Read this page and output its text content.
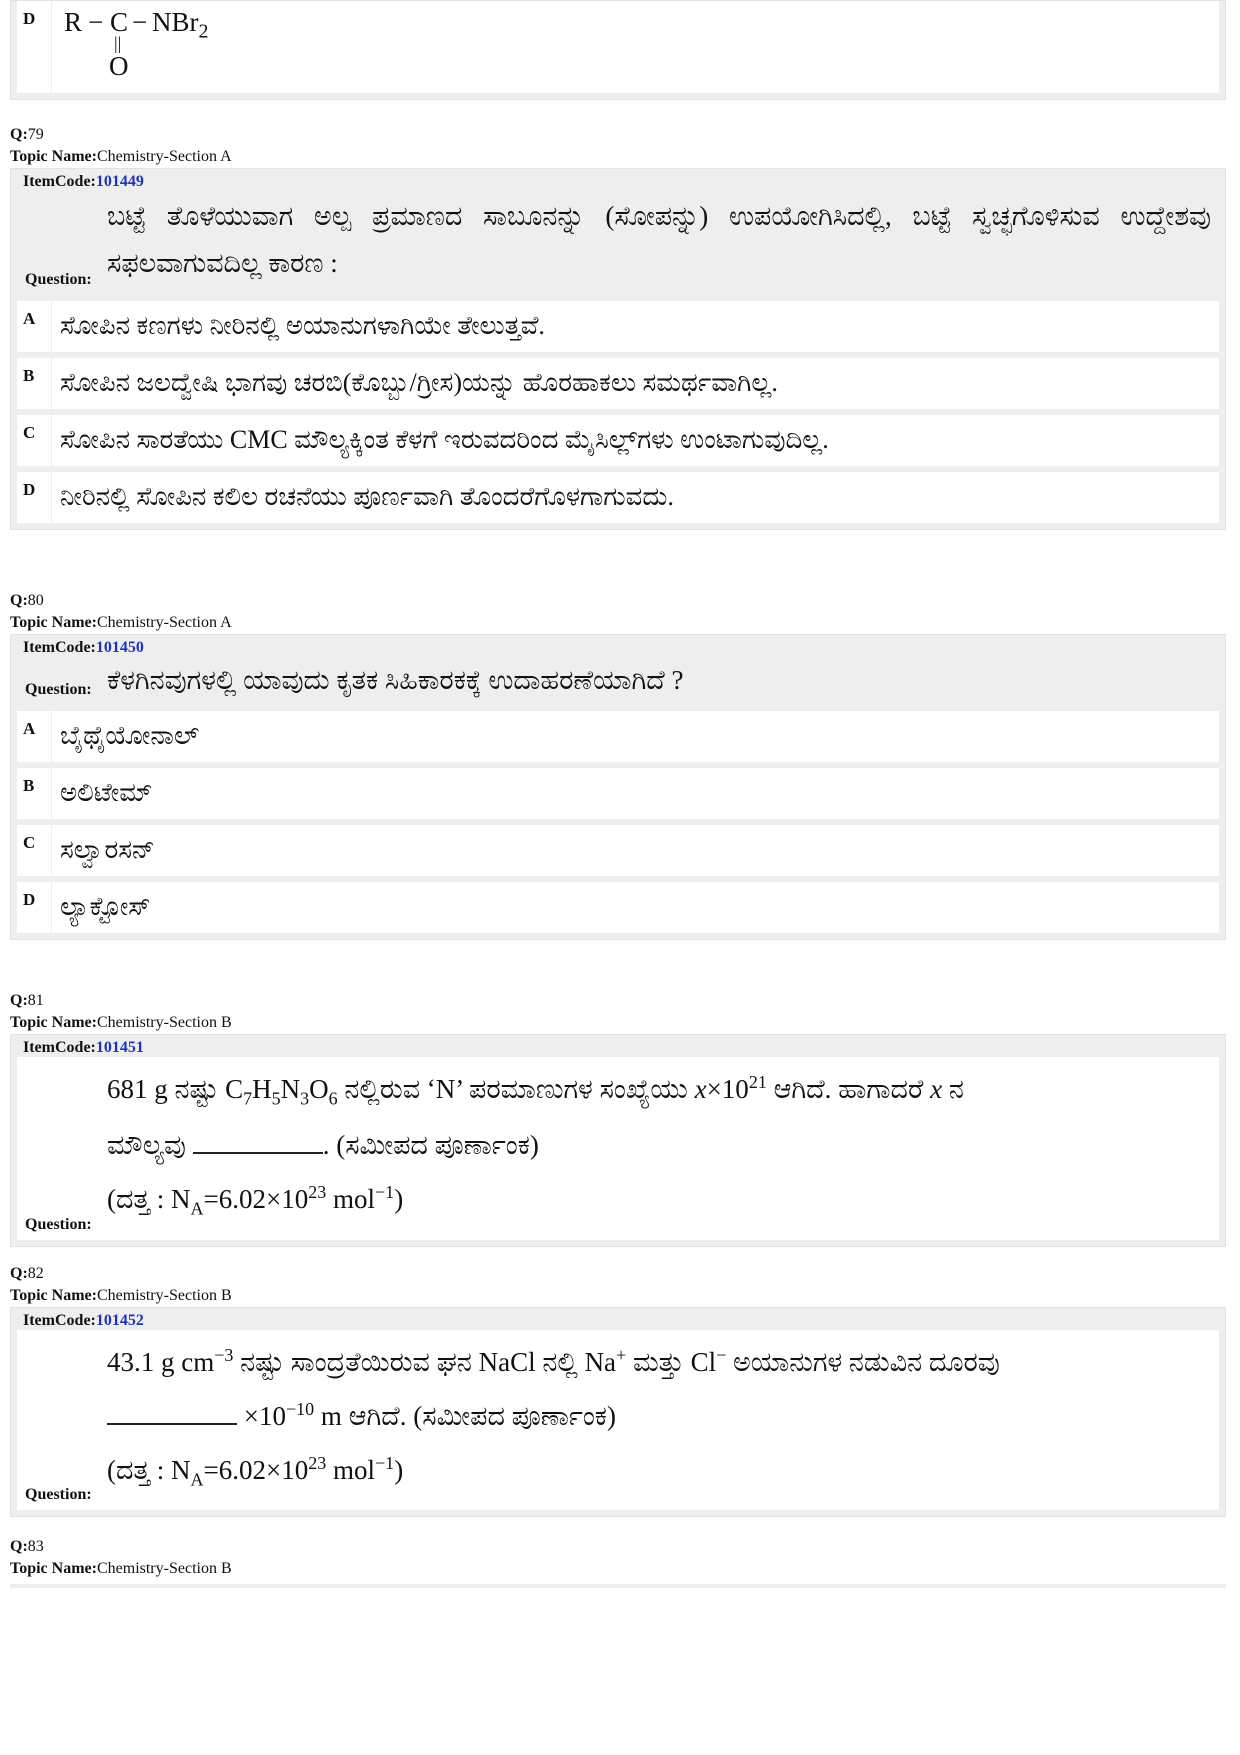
D	R − C − NBr$_2$
||
O
Q:79
Topic Name:Chemistry-Section A
ItemCode:101449
ಬಟ್ಟೆ ತೊಳೆಯುವಾಗ ಅಲ್ಪ ಪ್ರಮಾಣದ ಸಾಬೂನನ್ನು (ಸೋಪನ್ನು) ಉಪಯೋಗಿಸಿದಲ್ಲಿ, ಬಟ್ಟೆ ಸ್ವಚ್ಛಗೊಳಿಸುವ ಉದ್ದೇಶವು ಸಫಲವಾಗುವದಿಲ್ಲ ಕಾರಣ :
Question:
A ಸೋಪಿನ ಕಣಗಳು ನೀರಿನಲ್ಲಿ ಅಯಾನುಗಳಾಗಿಯೇ ತೇಲುತ್ತವೆ.
B ಸೋಪಿನ ಜಲದ್ವೇಷಿ ಭಾಗವು ಚರಬಿ(ಕೊಬ್ಬು/ಗ್ರೀಸ)ಯನ್ನು ಹೊರಹಾಕಲು ಸಮರ್ಥವಾಗಿಲ್ಲ.
C ಸೋಪಿನ ಸಾರತೆಯು CMC ಮೌಲ್ಯಕ್ಕಿಂತ ಕೆಳಗೆ ಇರುವದರಿಂದ ಮೈಸಿಲ್ಲ್‌ಗಳು ಉಂಟಾಗುವುದಿಲ್ಲ.
D ನೀರಿನಲ್ಲಿ ಸೋಪಿನ ಕಲಿಲ ರಚನೆಯು ಪೂರ್ಣವಾಗಿ ತೊಂದರೆಗೊಳಗಾಗುವದು.
Q:80
Topic Name:Chemistry-Section A
ItemCode:101450
ಕೆಳಗಿನವುಗಳಲ್ಲಿ ಯಾವುದು ಕೃತಕ ಸಿಹಿಕಾರಕಕ್ಕೆ ಉದಾಹರಣೆಯಾಗಿದೆ ?
Question:
A ಬೈಥೈಯೋನಾಲ್
B ಅಲಿಟೇಮ್
C ಸಲ್ವಾರಸನ್
D ಲ್ಯಾಕ್ಟೋಸ್
Q:81
Topic Name:Chemistry-Section B
ItemCode:101451
681 g ನಷ್ಟು $C_7H_5N_3O_6$ ನಲ್ಲಿರುವ ‘N’ ಪರಮಾಣುಗಳ ಸಂಖ್ಯೆಯು $x\times 10^{21}$ ಆಗಿದೆ. ಹಾಗಾದರೆ x ನ
ಮೌಲ್ಯವು	. (ಸಮೀಪದ ಪೂರ್ಣಾಂಕ)
(ದತ್ತ : $N_A=6.02\times 10^{23}$ mol$^{-1}$)
Question:
Q:82
Topic Name:Chemistry-Section B
ItemCode:101452
43.1 g $cm^{-3}$ ನಷ್ಟು ಸಾಂದ್ರತೆಯಿರುವ ಘನ NaCl ನಲ್ಲಿ Na+ ಮತ್ತು Cl− ಅಯಾನುಗಳ ನಡುವಿನ ದೂರವು
$\times 10^{-10}$ m ಆಗಿದೆ. (ಸಮೀಪದ ಪೂರ್ಣಾಂಕ)
(ದತ್ತ : $N_A=6.02\times 10^{23}$ mol$^{-1}$)
Question:
Q:83
Topic Name:Chemistry-Section B
